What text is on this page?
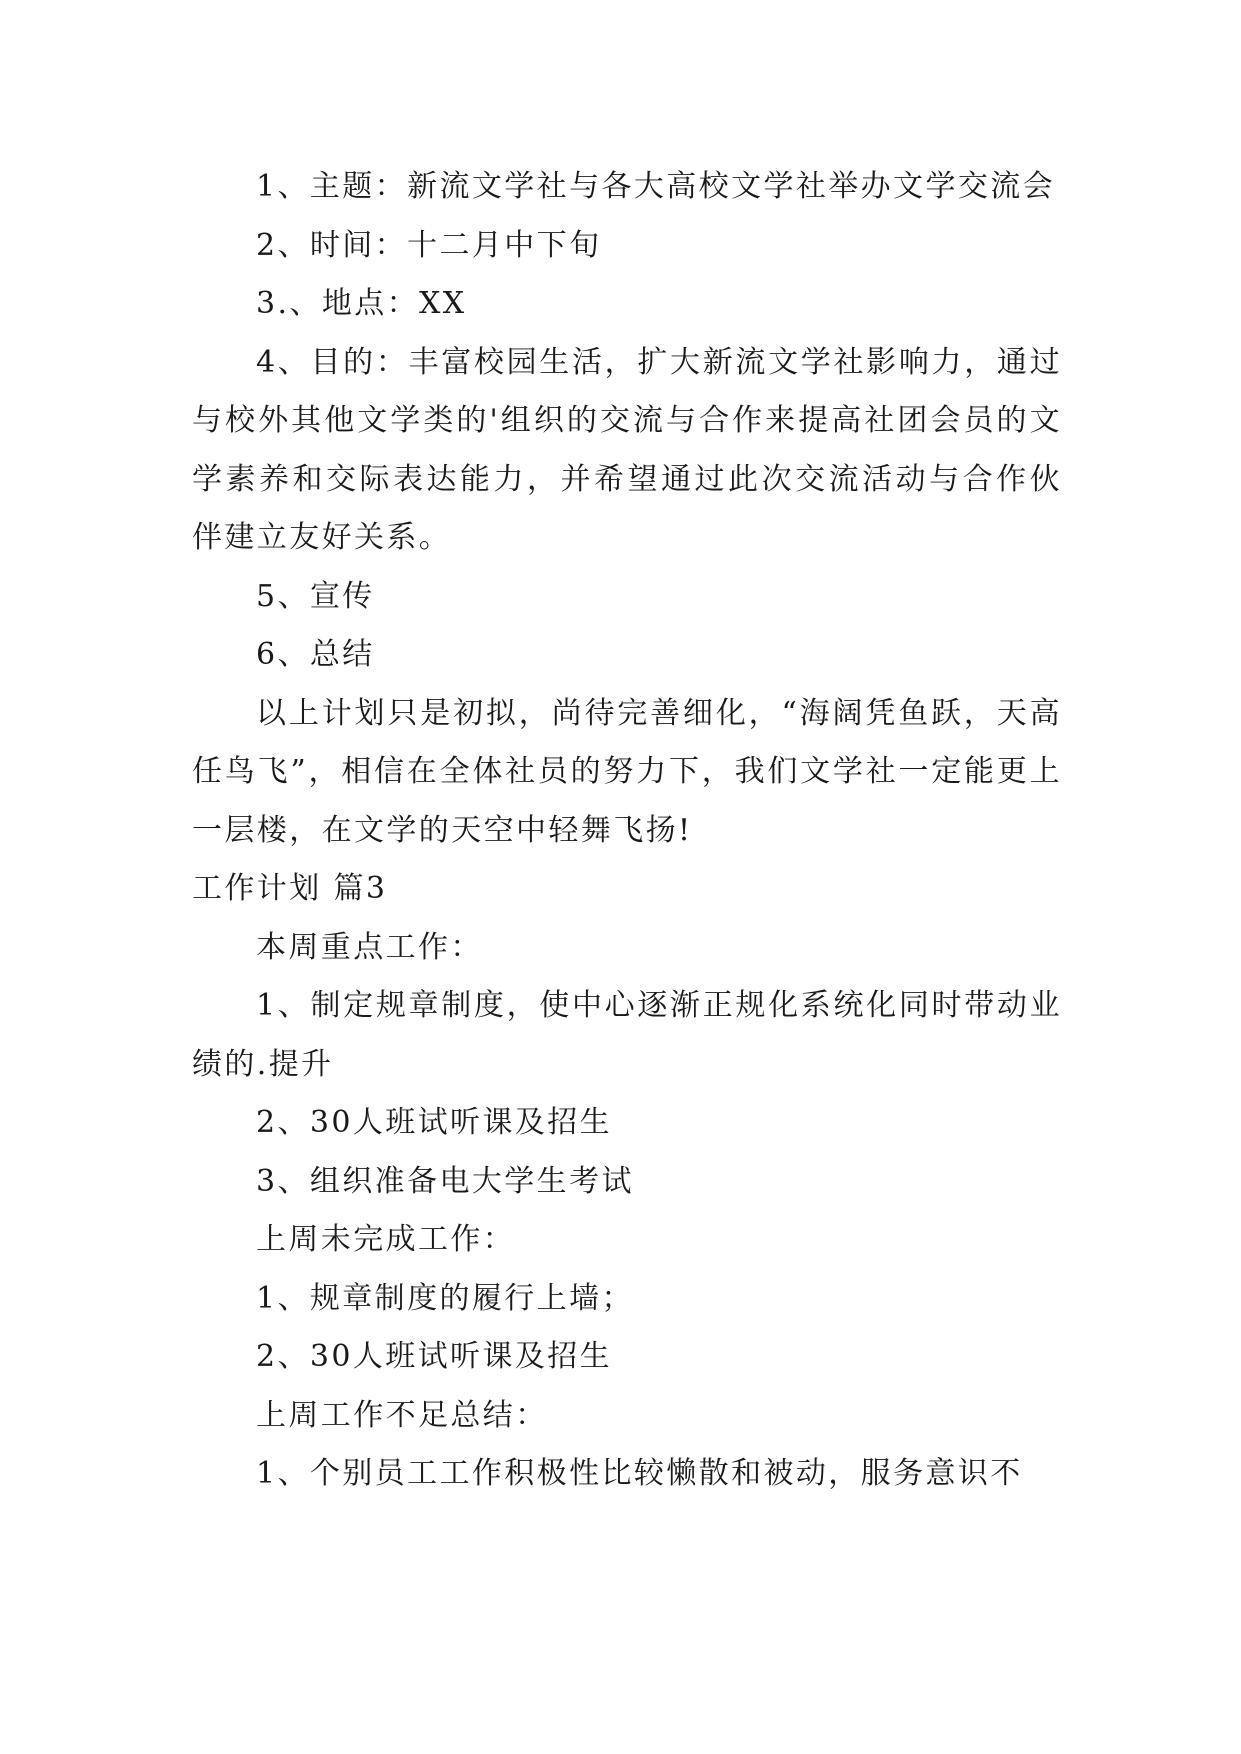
1、主题：新流文学社与各大高校文学社举办文学交流会

2、时间：十二月中下旬

3.、地点：XX

4、目的：丰富校园生活，扩大新流文学社影响力，通过与校外其他文学类的'组织的交流与合作来提高社团会员的文学素养和交际表达能力，并希望通过此次交流活动与合作伙伴建立友好关系。

5、宣传

6、总结

以上计划只是初拟，尚待完善细化，“海阔凭鱼跃，天高任鸟飞”，相信在全体社员的努力下，我们文学社一定能更上一层楼，在文学的天空中轻舞飞扬!

工作计划 篇3

本周重点工作：

1、制定规章制度，使中心逐渐正规化系统化同时带动业绩的.提升

2、30人班试听课及招生

3、组织准备电大学生考试

上周未完成工作：

1、规章制度的履行上墙；

2、30人班试听课及招生

上周工作不足总结：

1、个别员工工作积极性比较懒散和被动，服务意识不
